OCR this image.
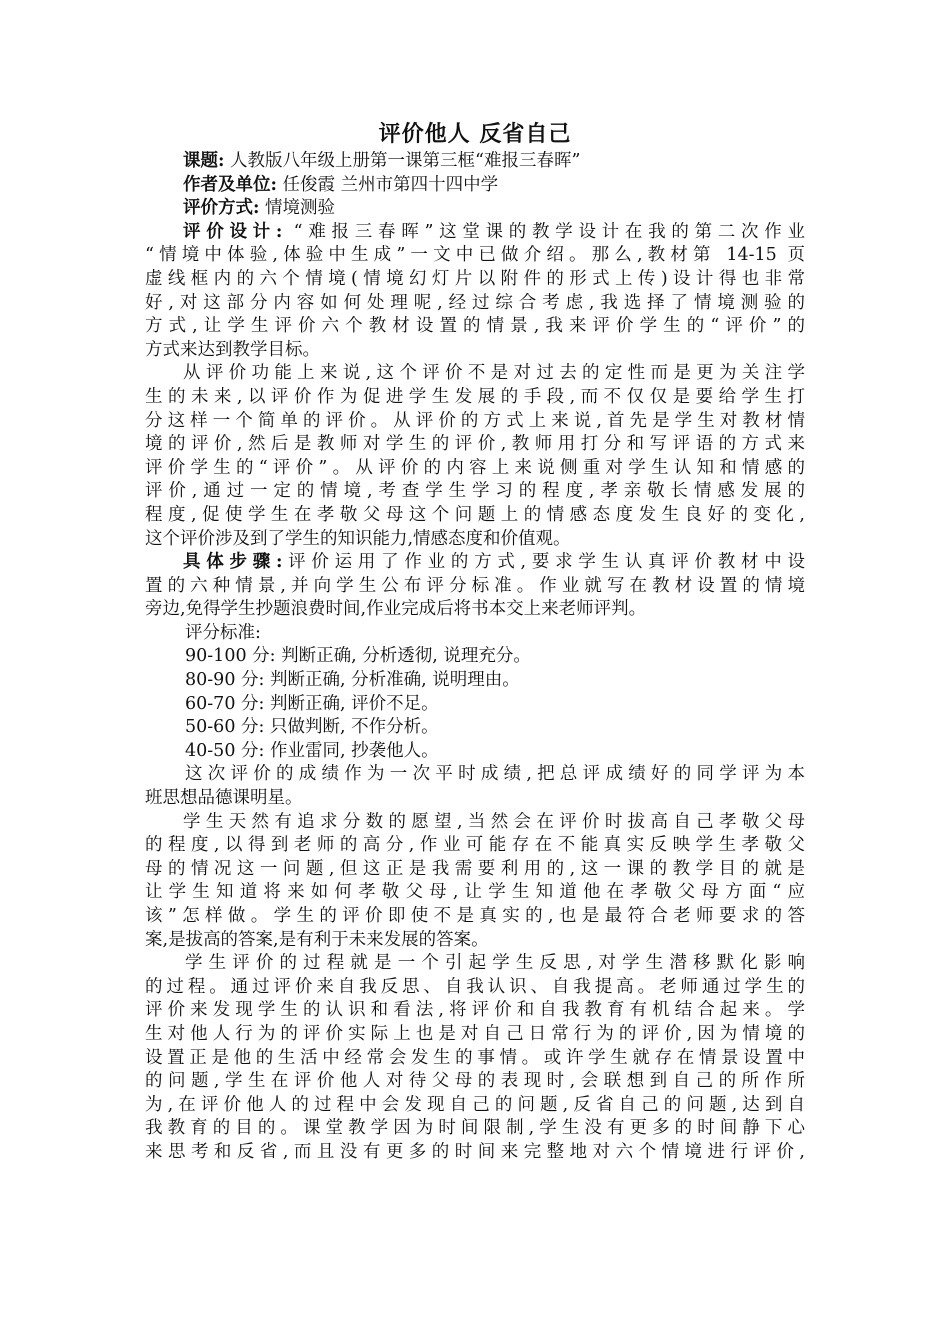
评价他人 反省自己

课题: 人教版八年级上册第一课第三框“难报三春晖”

作者及单位: 任俊霞 兰州市第四十四中学

评价方式: 情境测验

评价设计: “难报三春晖”这堂课的教学设计在我的第二次作业

“情境中体验,体验中生成”一文中已做介绍。那么,教材第 14-15 页

虚线框内的六个情境(情境幻灯片以附件的形式上传)设计得也非常

好,对这部分内容如何处理呢,经过综合考虑,我选择了情境测验的

方式,让学生评价六个教材设置的情景,我来评价学生的“评价”的

方式来达到教学目标。

从评价功能上来说,这个评价不是对过去的定性而是更为关注学

生的未来,以评价作为促进学生发展的手段,而不仅仅是要给学生打

分这样一个简单的评价。从评价的方式上来说,首先是学生对教材情

境的评价,然后是教师对学生的评价,教师用打分和写评语的方式来

评价学生的“评价”。从评价的内容上来说侧重对学生认知和情感的

评价,通过一定的情境,考查学生学习的程度,孝亲敬长情感发展的

程度,促使学生在孝敬父母这个问题上的情感态度发生良好的变化,

这个评价涉及到了学生的知识能力,情感态度和价值观。

具体步骤:评价运用了作业的方式,要求学生认真评价教材中设

置的六种情景,并向学生公布评分标准。作业就写在教材设置的情境

旁边,免得学生抄题浪费时间,作业完成后将书本交上来老师评判。

评分标准:

90-100 分: 判断正确, 分析透彻, 说理充分。

80-90 分: 判断正确, 分析准确, 说明理由。

60-70 分: 判断正确, 评价不足。

50-60 分: 只做判断, 不作分析。

40-50 分: 作业雷同, 抄袭他人。

这次评价的成绩作为一次平时成绩,把总评成绩好的同学评为本

班思想品德课明星。

学生天然有追求分数的愿望,当然会在评价时拔高自己孝敬父母

的程度,以得到老师的高分,作业可能存在不能真实反映学生孝敬父

母的情况这一问题,但这正是我需要利用的,这一课的教学目的就是

让学生知道将来如何孝敬父母,让学生知道他在孝敬父母方面“应

该”怎样做。学生的评价即使不是真实的,也是最符合老师要求的答

案,是拔高的答案,是有利于未来发展的答案。

学生评价的过程就是一个引起学生反思,对学生潜移默化影响

的过程。通过评价来自我反思、自我认识、自我提高。老师通过学生的

评价来发现学生的认识和看法,将评价和自我教育有机结合起来。学

生对他人行为的评价实际上也是对自己日常行为的评价,因为情境的

设置正是他的生活中经常会发生的事情。或许学生就存在情景设置中

的问题,学生在评价他人对待父母的表现时,会联想到自己的所作所

为,在评价他人的过程中会发现自己的问题,反省自己的问题,达到自

我教育的目的。课堂教学因为时间限制,学生没有更多的时间静下心

来思考和反省,而且没有更多的时间来完整地对六个情境进行评价,
